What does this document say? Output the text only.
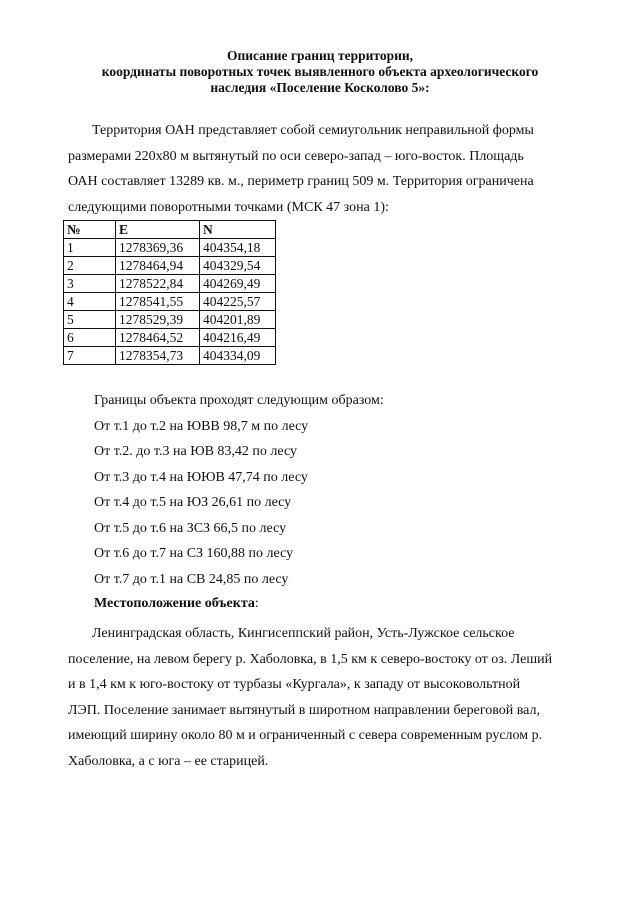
Описание границ территории,
координаты поворотных точек выявленного объекта археологического
наследия «Поселение Косколово 5»:
Территория ОАН представляет собой семиугольник неправильной формы
размерами 220х80 м вытянутый по оси северо-запад – юго-восток. Площадь
ОАН составляет 13289 кв. м., периметр границ 509 м. Территория ограничена
следующими поворотными точками (МСК 47 зона 1):
№	E	N
1	1278369,36	404354,18
2	1278464,94	404329,54
3	1278522,84	404269,49
4	1278541,55	404225,57
5	1278529,39	404201,89
6	1278464,52	404216,49
7	1278354,73	404334,09
Границы объекта проходят следующим образом:
От т.1 до т.2 на ЮВВ 98,7 м по лесу
От т.2. до т.3 на ЮВ 83,42 по лесу
От т.3 до т.4 на ЮЮВ 47,74 по лесу
От т.4 до т.5 на ЮЗ 26,61 по лесу
От т.5 до т.6 на ЗСЗ 66,5 по лесу
От т.6 до т.7 на СЗ 160,88 по лесу
От т.7 до т.1 на СВ 24,85 по лесу
Местоположение объекта:
Ленинградская область, Кингисеппский район, Усть-Лужское сельское
поселение, на левом берегу р. Хаболовка, в 1,5 км к северо-востоку от оз. Леший
и в 1,4 км к юго-востоку от турбазы «Кургала», к западу от высоковольтной
ЛЭП. Поселение занимает вытянутый в широтном направлении береговой вал,
имеющий ширину около 80 м и ограниченный с севера современным руслом р.
Хаболовка, а с юга – ее старицей.
